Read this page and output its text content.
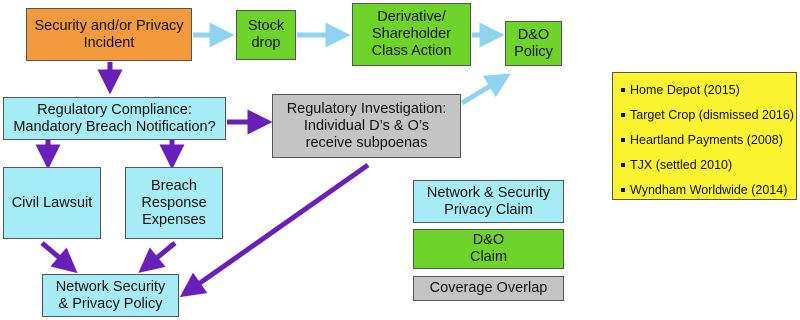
Security and/or Privacy
Incident
Stock
drop
Derivative/
Shareholder
Class Action
D&O
Policy
Regulatory Compliance:
Mandatory Breach Notification?
Regulatory Investigation:
Individual D’s & O’s
receive subpoenas
Civil Lawsuit
Breach
Response
Expenses
Network Security
& Privacy Policy
Network & Security
Privacy Claim
D&O
Claim
Coverage Overlap
Home Depot (2015)
Target Crop (dismissed 2016)
Heartland Payments (2008)
TJX (settled 2010)
Wyndham Worldwide (2014)
